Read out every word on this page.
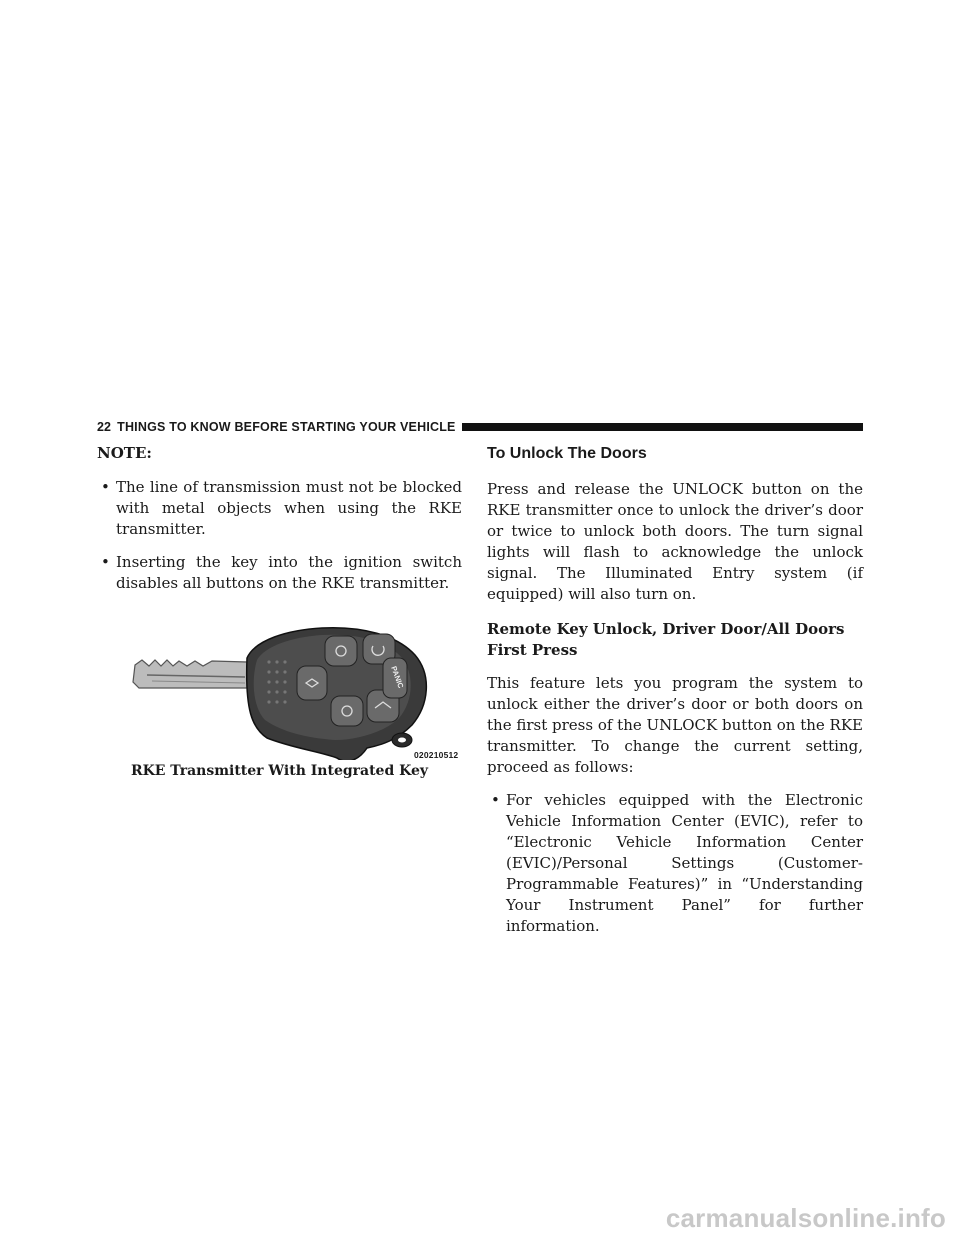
22 THINGS TO KNOW BEFORE STARTING YOUR VEHICLE

NOTE:

• The line of transmission must not be blocked with metal objects when using the RKE transmitter.

• Inserting the key into the ignition switch disables all buttons on the RKE transmitter.

PANIC
020210512
RKE Transmitter With Integrated Key
To Unlock The Doors

Press and release the UNLOCK button on the RKE transmitter once to unlock the driver’s door or twice to unlock both doors. The turn signal lights will flash to acknowledge the unlock signal. The Illuminated Entry system (if equipped) will also turn on.

Remote Key Unlock, Driver Door/All Doors First Press

This feature lets you program the system to unlock either the driver’s door or both doors on the first press of the UNLOCK button on the RKE transmitter. To change the current setting, proceed as follows:

• For vehicles equipped with the Electronic Vehicle Information Center (EVIC), refer to “Electronic Vehicle Information Center (EVIC)/Personal Settings (Customer-Programmable Features)” in “Understanding Your Instrument Panel” for further information.

carmanualsonline.info
